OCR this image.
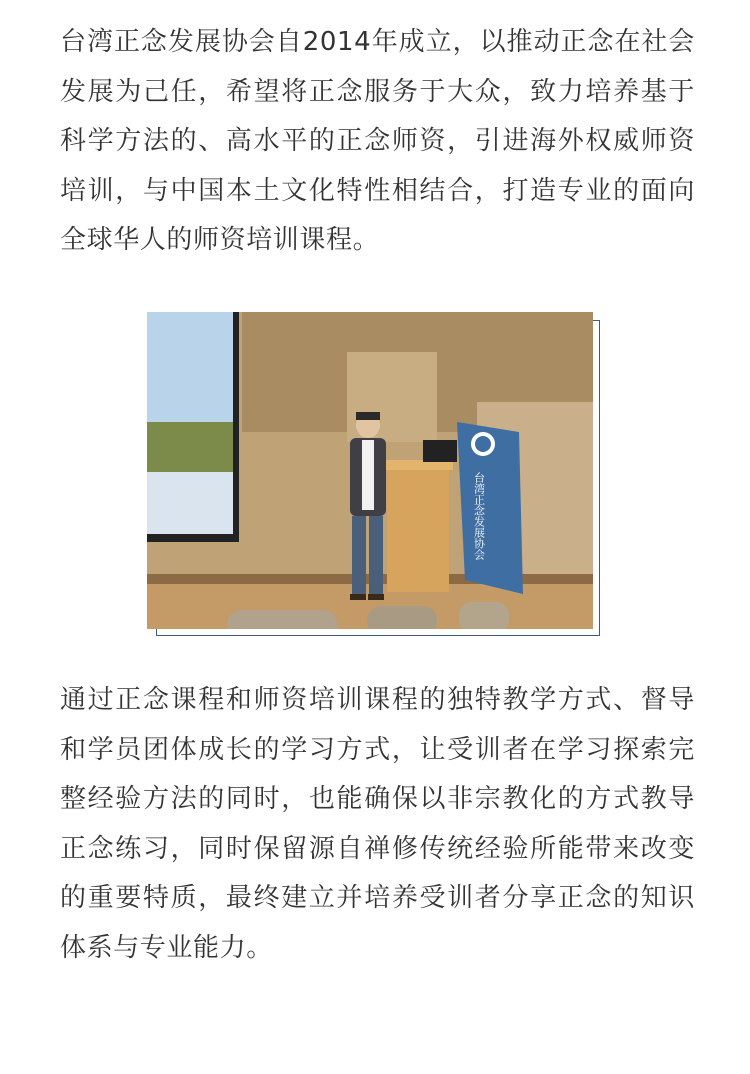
台湾正念发展协会自2014年成立，以推动正念在社会发展为己任，希望将正念服务于大众，致力培养基于科学方法的、高水平的正念师资，引进海外权威师资培训，与中国本土文化特性相结合，打造专业的面向全球华人的师资培训课程。

台湾正念发展协会

通过正念课程和师资培训课程的独特教学方式、督导和学员团体成长的学习方式，让受训者在学习探索完整经验方法的同时，也能确保以非宗教化的方式教导正念练习，同时保留源自禅修传统经验所能带来改变的重要特质，最终建立并培养受训者分享正念的知识体系与专业能力。
